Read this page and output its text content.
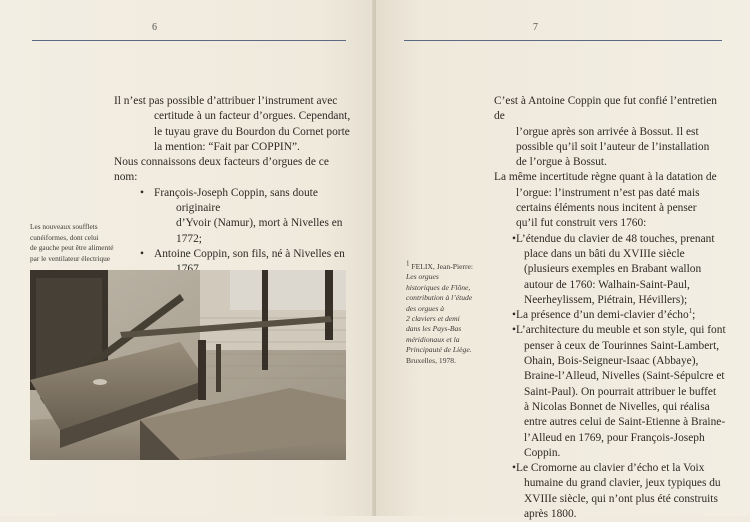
6

Il n’est pas possible d’attribuer l’instrument avec
certitude à un facteur d’orgues. Cependant,
le tuyau grave du Bourdon du Cornet porte
la mention: “Fait par COPPIN”.

Nous connaissons deux facteurs d’orgues de ce nom:

• François-Joseph Coppin, sans doute originaire
d’Yvoir (Namur), mort à Nivelles en 1772;
• Antoine Coppin, son fils, né à Nivelles en

Les nouveaux soufflets
cunéiformes, dont celui
de gauche peut être alimenté
par le ventilateur électrique
7

C’est à Antoine Coppin que fut confié l’entretien de
l’orgue après son arrivée à Bossut. Il est
possible qu’il soit l’auteur de l’installation
de l’orgue à Bossut.

La même incertitude règne quant à la datation de
l’orgue: l’instrument n’est pas daté mais
certains éléments nous incitent à penser
qu’il fut construit vers 1760:

• L’étendue du clavier de 48 touches, prenant
place dans un bâti du XVIIIe siècle
(plusieurs exemples en Brabant wallon
autour de 1760: Walhain-Saint-Paul,
Neerheylissem, Piétrain, Hévillers);
• La présence d’un demi-clavier d’écho$^1$;
• L’architecture du meuble et son style, qui font
penser à ceux de Tourinnes Saint-Lambert,
Ohain, Bois-Seigneur-Isaac (Abbaye),
Braine-l’Alleud, Nivelles (Saint-Sépulcre et
Saint-Paul). On pourrait attribuer le buffet
à Nicolas Bonnet de Nivelles, qui réalisa
entre autres celui de Saint-Etienne à Braine-
l’Alleud en 1769, pour François-Joseph
Coppin.
• Le Cromorne au clavier d’écho et la Voix
humaine du grand clavier, jeux typiques du
XVIIIe siècle, qui n’ont plus été construits
après 1800.
1 FELIX, Jean-Pierre:
Les orgues
historiques de Flône,
contribution à l’étude
des orgues à
2 claviers et demi
dans les Pays-Bas
méridionaux et la
Principauté de Liège.
Bruxelles, 1978.
